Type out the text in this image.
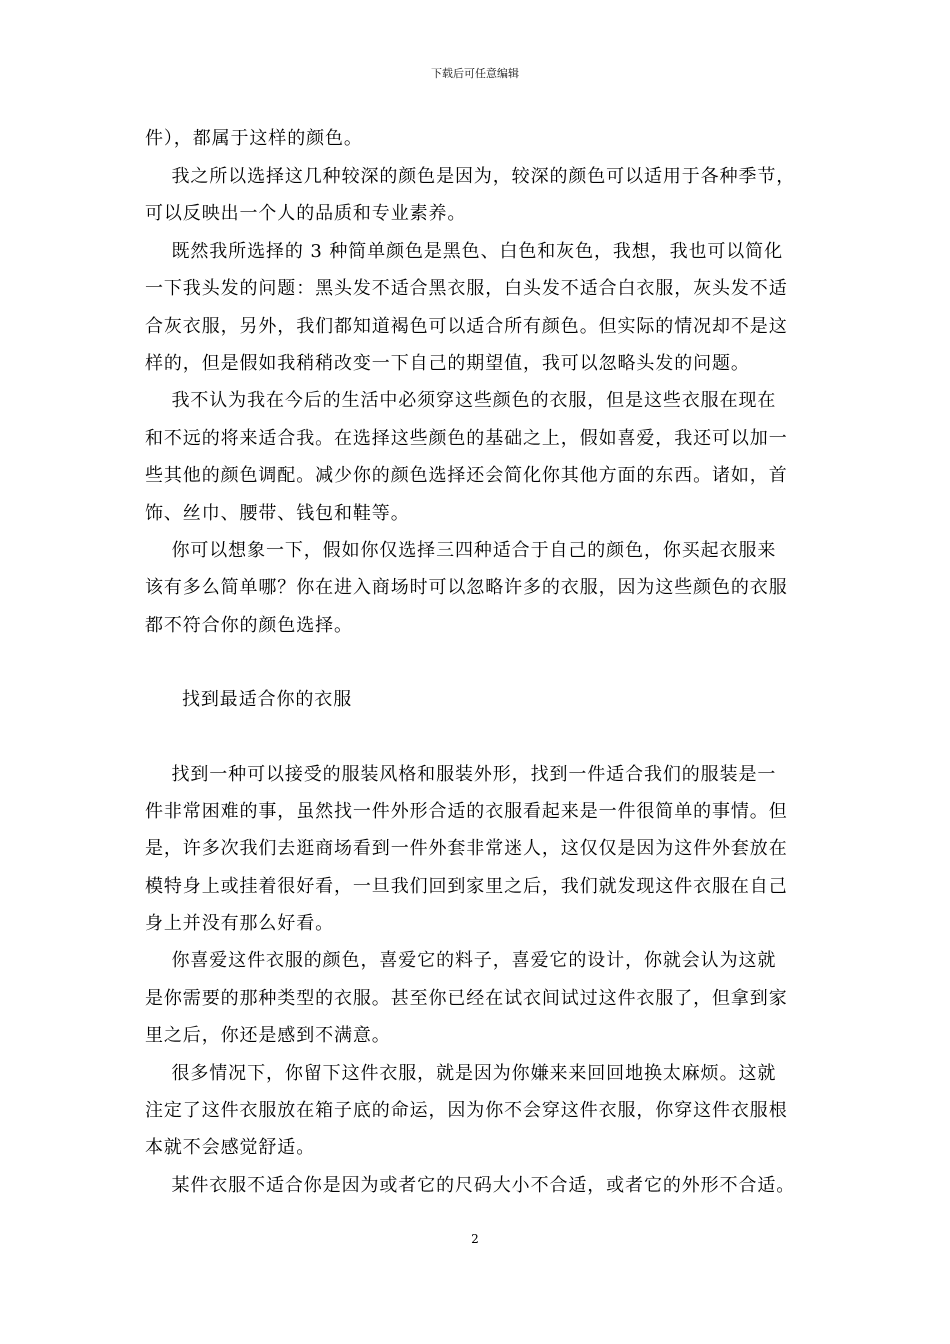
下载后可任意编辑
件），都属于这样的颜色。
我之所以选择这几种较深的颜色是因为，较深的颜色可以适用于各种季节，
可以反映出一个人的品质和专业素养。
既然我所选择的 3 种简单颜色是黑色、白色和灰色，我想，我也可以简化
一下我头发的问题：黑头发不适合黑衣服，白头发不适合白衣服，灰头发不适
合灰衣服，另外，我们都知道褐色可以适合所有颜色。但实际的情况却不是这
样的，但是假如我稍稍改变一下自己的期望值，我可以忽略头发的问题。
我不认为我在今后的生活中必须穿这些颜色的衣服，但是这些衣服在现在
和不远的将来适合我。在选择这些颜色的基础之上，假如喜爱，我还可以加一
些其他的颜色调配。减少你的颜色选择还会简化你其他方面的东西。诸如，首
饰、丝巾、腰带、钱包和鞋等。
你可以想象一下，假如你仅选择三四种适合于自己的颜色，你买起衣服来
该有多么简单哪？你在进入商场时可以忽略许多的衣服，因为这些颜色的衣服
都不符合你的颜色选择。
找到最适合你的衣服
找到一种可以接受的服装风格和服装外形，找到一件适合我们的服装是一
件非常困难的事，虽然找一件外形合适的衣服看起来是一件很简单的事情。但
是，许多次我们去逛商场看到一件外套非常迷人，这仅仅是因为这件外套放在
模特身上或挂着很好看，一旦我们回到家里之后，我们就发现这件衣服在自己
身上并没有那么好看。
你喜爱这件衣服的颜色，喜爱它的料子，喜爱它的设计，你就会认为这就
是你需要的那种类型的衣服。甚至你已经在试衣间试过这件衣服了，但拿到家
里之后，你还是感到不满意。
很多情况下，你留下这件衣服，就是因为你嫌来来回回地换太麻烦。这就
注定了这件衣服放在箱子底的命运，因为你不会穿这件衣服，你穿这件衣服根
本就不会感觉舒适。
某件衣服不适合你是因为或者它的尺码大小不合适，或者它的外形不合适。
2
